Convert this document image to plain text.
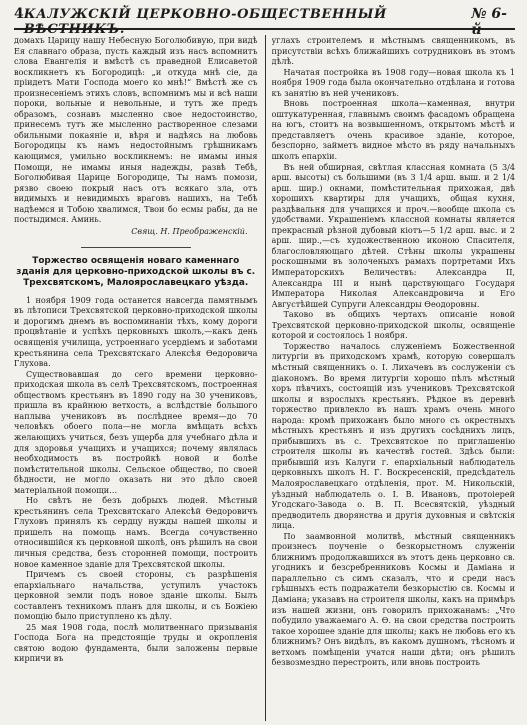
4 КАЛУЖСКІЙ ЦЕРКОВНО-ОБЩЕСТВЕННЫЙ ВѢСТНИКЪ.
№ 6-й

домахъ Царицу нашу Небесную Боголюбивую, при видѣ Ея славнаго образа, пусть каждый изъ насъ вспомнитъ слова Евангелія и вмѣстѣ съ праведной Елисаветой воскликнетъ къ Богородицѣ: „и откуда мнѣ сіе, да пріидетъ Мати Господа моего ко мнѣ!“ Вмѣстѣ же съ произнесеніемъ этихъ словъ, вспомнимъ мы и всѣ наши пороки, вольные и невольные, и тутъ же предъ образомъ, сознавъ мысленно свое недостоинство, принесемъ тутъ же мысленно растворенное слезами обильными покаяніе и, вѣря и надѣясь на любовь Богородицы къ намъ недостойнымъ грѣшникамъ кающимся, умильно воскликнемъ: не имамы иныя Помощи, не имамы иныя надежды, развѣ Тебѣ, Боголюбивая Царице Богородице, Ты намъ помози, рязво своею покрый насъ отъ всякаго зла, отъ видимыхъ и невидимыхъ враговъ нашихъ, на Тебѣ надѣемся и Тобою хвалимся, Твои бо есмы рабы, да не постыдимся. Аминь.

Свящ. Н. Преображенскій.
Торжество освященія новаго каменнаго зданія для церковно-приходской школы въ с. Трехсвятскомъ, Малоярославецкаго уѣзда.

1 ноября 1909 года останется навсегда памятнымъ въ лѣтописи Трехсвятской церковно-приходской школы и дорогимъ днемъ въ воспоминаніи тѣхъ, кому дороги процвѣтаніе и успѣхъ церковныхъ школъ,—какъ день освященія училища, устроеннаго усердіемъ и заботами крестьянина села Трехсвятскаго Алексѣя Ѳедоровича Глухова.

Существовавшая до сего времени церковно-приходская школа въ селѣ Трехсвятскомъ, построенная обществомъ крестьянъ въ 1890 году на 30 учениковъ, пришла въ крайнюю ветхость, а вслѣдствіе большого наплыва учениковъ въ послѣднее время—до 70 человѣкъ обоего пола—не могла вмѣщать всѣхъ желающихъ учиться, безъ ущерба для учебнаго дѣла и для здоровья учащихъ и учащихся; почему являлась необходимость въ постройкѣ новой и болѣе помѣстительной школы. Сельское общество, по своей бѣдности, не могло оказать ни это дѣло своей матеріальной помощи…

Но свѣтъ не безъ добрыхъ людей. Мѣстный крестьянинъ села Трехсвятскаго Алексѣй Ѳедоровичъ Глуховъ принялъ къ сердцу нужды нашей школы и пришелъ на помощь намъ. Всегда сочувственно относившійся къ церковной школѣ, онъ рѣшилъ на свои личныя средства, безъ сторонней помощи, построить новое каменное зданіе для Трехсвятской школы.

Причемъ съ своей стороны, съ разрѣшенія епархіальнаго начальства, уступилъ участокъ церковной земли подъ новое зданіе школы. Былъ составленъ техникомъ планъ для школы, и съ Божіею помощію было приступлено къ дѣлу.

25 мая 1908 года, послѣ молитвеннаго призыванія Господа Бога на предстоящіе труды и окропленія святою водою фундамента, были заложены первые кирпичи въ

углахъ строителемъ и мѣстнымъ священникомъ, въ присутствіи всѣхъ ближайшихъ сотрудниковъ въ этомъ дѣлѣ.

Начатая постройка въ 1908 году—новая школа къ 1 ноября 1909 года была окончательно отдѣлана и готова къ занятію въ ней учениковъ.

Вновь построенная школа—каменная, внутри оштукатуренная, главнымъ своимъ фасадомъ обращена на югъ, стоитъ на возвышенномъ, открытомъ мѣстѣ и представляетъ очень красивое зданіе, которое, безспорно, займетъ видное мѣсто въ ряду начальныхъ школъ епархіи.

Въ ней обширная, свѣтлая классная комната (5 3/4 арш. высоты) съ большими (въ 3 1/4 арш. выш. и 2 1/4 арш. шир.) окнами, помѣстительная прихожая, двѣ хорошихъ квартиры для учащихъ, общая кухня, раздѣвальня для учащихся и проч.—вообще школа съ удобствами. Украшеніемъ классной комнаты является прекрасный рѣзной дубовый кіотъ—5 1/2 арш. выс. и 2 арш. шир.,—съ художественною иконою Спасителя, благословляющаго дѣтей. Стѣны школы украшены роскошными въ золоченыхъ рамахъ портретами Ихъ Императорскихъ Величествъ: Александра II, Александра III и нынѣ царствующаго Государя Императора Николая Александровича и Его Августѣйшей Супруги Александры Ѳеодоровны.

Таково въ общихъ чертахъ описаніе новой Трехсвятской церковно-приходской школы, освященіе которой и состоялось 1 ноября.

Торжество началось служеніемъ Божественной литургіи въ приходскомъ храмѣ, которую совершалъ мѣстный священникъ о. І. Лихачевъ въ сослуженіи съ діакономъ. Во время литургіи хорошо пѣлъ мѣстный хоръ пѣвчихъ, состоящій изъ учениковъ Трехсвятской школы и взрослыхъ крестьянъ. Рѣдкое въ деревнѣ торжество привлекло въ нашъ храмъ очень много народа: кромѣ прихожанъ было много съ окрестныхъ мѣстныхъ крестьянъ и изъ другихъ сосѣднихъ лицъ, прибывшихъ въ с. Трехсвятское по приглашенію строителя школы въ качествѣ гостей. Здѣсь были: прибывшій изъ Калуги г. епархіальный наблюдатель церковныхъ школъ Н. Г. Воскресенскій, предсѣдатель Малоярославецкаго отдѣленія, прот. М. Никольскій, уѣздный наблюдатель о. І. В. Ивановъ, протоіерей Угодскаго-Завода о. В. П. Всесвятскій, уѣздный предводитель дворянства и другія духовныя и свѣтскія лица.

По заамвонной молитвѣ, мѣстный священникъ произнесъ поученіе о безкорыстномъ служеніи ближнимъ продолжавшихся въ этотъ день церковно св. угодникъ и безсребренниковъ Космы и Даміана и параллельно съ симъ сказалъ, что и среди насъ грѣшныхъ есть подражатели безкорыстію св. Космы и Даміана; указавъ на строителя школы, какъ на примѣръ изъ нашей жизни, онъ говорилъ прихожанамъ: „Что побудило уважаемаго А. Ѳ. на свои средства построить такое хорошее зданіе для школы; какъ не любовь его къ ближнимъ? Онъ видѣлъ, въ какомъ душномъ, тѣсномъ и ветхомъ помѣщеніи учатся наши дѣти; онъ рѣшилъ безвозмездно перестроить, или вновь построить
